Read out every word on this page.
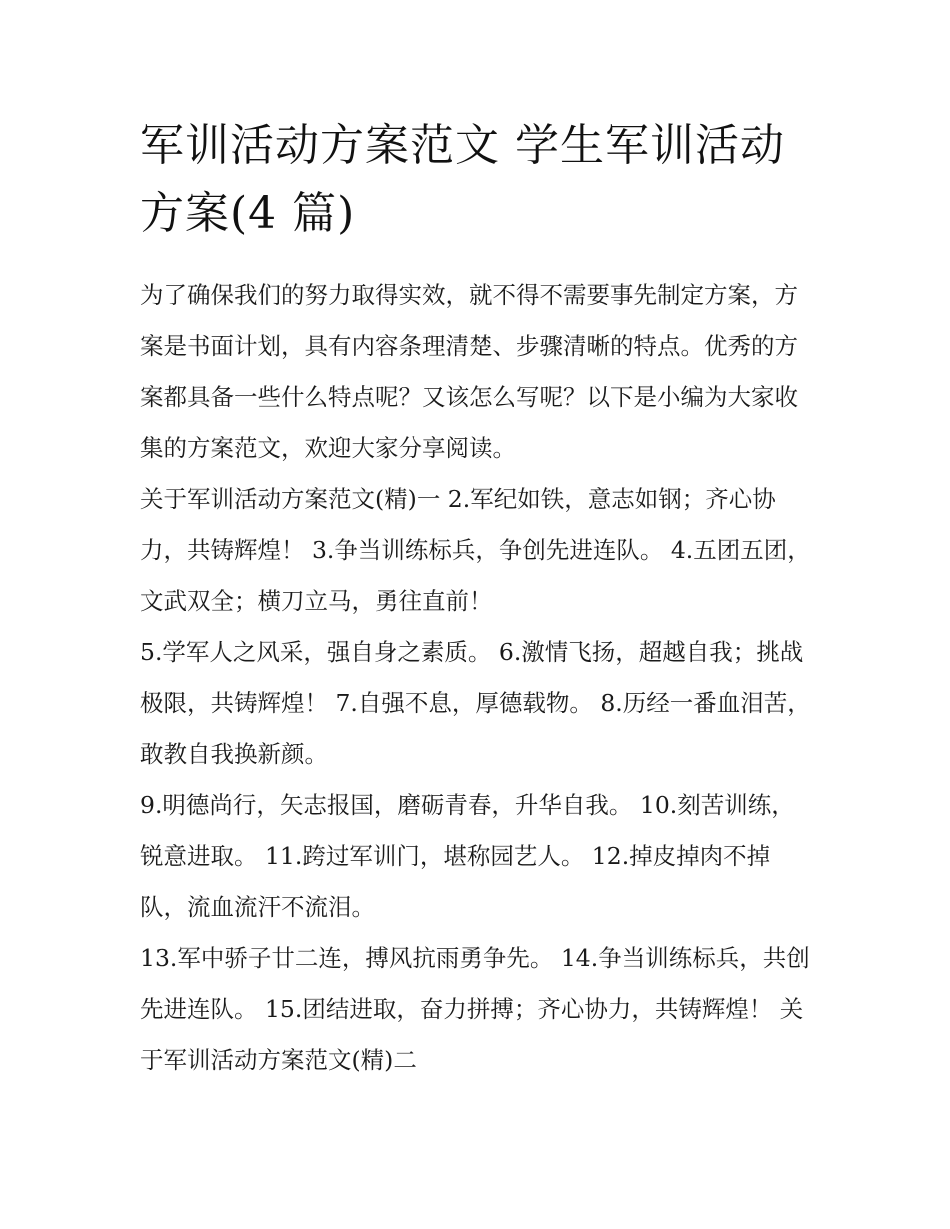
军训活动方案范文 学生军训活动方案(4 篇)

为了确保我们的努力取得实效，就不得不需要事先制定方案，方案是书面计划，具有内容条理清楚、步骤清晰的特点。优秀的方案都具备一些什么特点呢？又该怎么写呢？以下是小编为大家收集的方案范文，欢迎大家分享阅读。

关于军训活动方案范文(精)一 2.军纪如铁，意志如钢；齐心协力，共铸辉煌！ 3.争当训练标兵，争创先进连队。 4.五团五团，文武双全；横刀立马，勇往直前！

5.学军人之风采，强自身之素质。 6.激情飞扬，超越自我；挑战极限，共铸辉煌！ 7.自强不息，厚德载物。 8.历经一番血泪苦，敢教自我换新颜。

9.明德尚行，矢志报国，磨砺青春，升华自我。 10.刻苦训练，锐意进取。 11.跨过军训门，堪称园艺人。 12.掉皮掉肉不掉队，流血流汗不流泪。

13.军中骄子廿二连，搏风抗雨勇争先。 14.争当训练标兵，共创先进连队。 15.团结进取，奋力拼搏；齐心协力，共铸辉煌！ 关于军训活动方案范文(精)二
